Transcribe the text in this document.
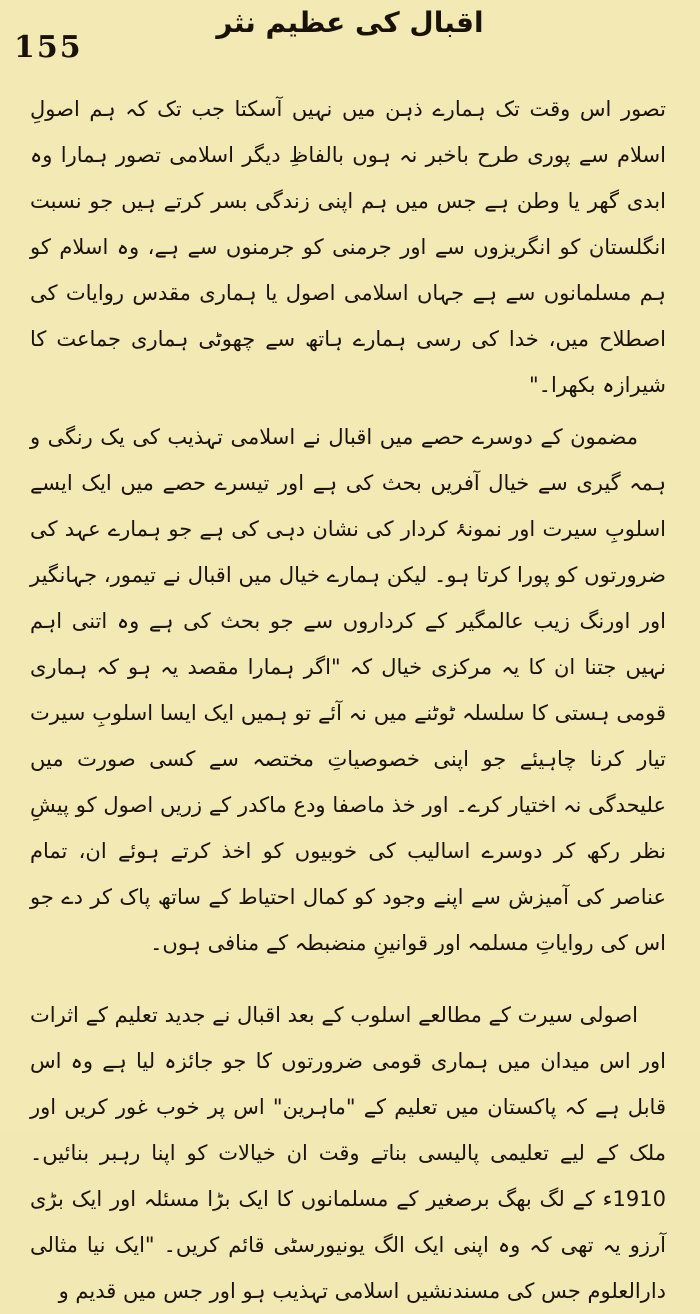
155
اقبال کی عظیم نثر

تصور اس وقت تک ہمارے ذہن میں نہیں آسکتا جب تک کہ ہم اصولِ اسلام سے پوری طرح باخبر نہ ہوں بالفاظِ دیگر اسلامی تصور ہمارا وہ ابدی گھر یا وطن ہے جس میں ہم اپنی زندگی بسر کرتے ہیں جو نسبت انگلستان کو انگریزوں سے اور جرمنی کو جرمنوں سے ہے، وہ اسلام کو ہم مسلمانوں سے ہے جہاں اسلامی اصول یا ہماری مقدس روایات کی اصطلاح میں، خدا کی رسی ہمارے ہاتھ سے چھوٹی ہماری جماعت کا شیرازہ بکھرا۔"

مضمون کے دوسرے حصے میں اقبال نے اسلامی تہذیب کی یک رنگی و ہمہ گیری سے خیال آفریں بحث کی ہے اور تیسرے حصے میں ایک ایسے اسلوبِ سیرت اور نمونۂ کردار کی نشان دہی کی ہے جو ہمارے عہد کی ضرورتوں کو پورا کرتا ہو۔ لیکن ہمارے خیال میں اقبال نے تیمور، جہانگیر اور اورنگ زیب عالمگیر کے کرداروں سے جو بحث کی ہے وہ اتنی اہم نہیں جتنا ان کا یہ مرکزی خیال کہ "اگر ہمارا مقصد یہ ہو کہ ہماری قومی ہستی کا سلسلہ ٹوٹنے میں نہ آئے تو ہمیں ایک ایسا اسلوبِ سیرت تیار کرنا چاہیئے جو اپنی خصوصیاتِ مختصہ سے کسی صورت میں علیحدگی نہ اختیار کرے۔ اور خذ ماصفا ودع ماکدر کے زریں اصول کو پیشِ نظر رکھ کر دوسرے اسالیب کی خوبیوں کو اخذ کرتے ہوئے ان، تمام عناصر کی آمیزش سے اپنے وجود کو کمال احتیاط کے ساتھ پاک کر دے جو اس کی روایاتِ مسلمہ اور قوانینِ منضبطہ کے منافی ہوں۔

اصولی سیرت کے مطالعے اسلوب کے بعد اقبال نے جدید تعلیم کے اثرات اور اس میدان میں ہماری قومی ضرورتوں کا جو جائزہ لیا ہے وہ اس قابل ہے کہ پاکستان میں تعلیم کے "ماہرین" اس پر خوب غور کریں اور ملک کے لیے تعلیمی پالیسی بناتے وقت ان خیالات کو اپنا رہبر بنائیں۔ 1910ء کے لگ بھگ برصغیر کے مسلمانوں کا ایک بڑا مسئلہ اور ایک بڑی آرزو یہ تھی کہ وہ اپنی ایک الگ یونیورسٹی قائم کریں۔ "ایک نیا مثالی دارالعلوم جس کی مسندنشیں اسلامی تہذیب ہو اور جس میں قدیم و
